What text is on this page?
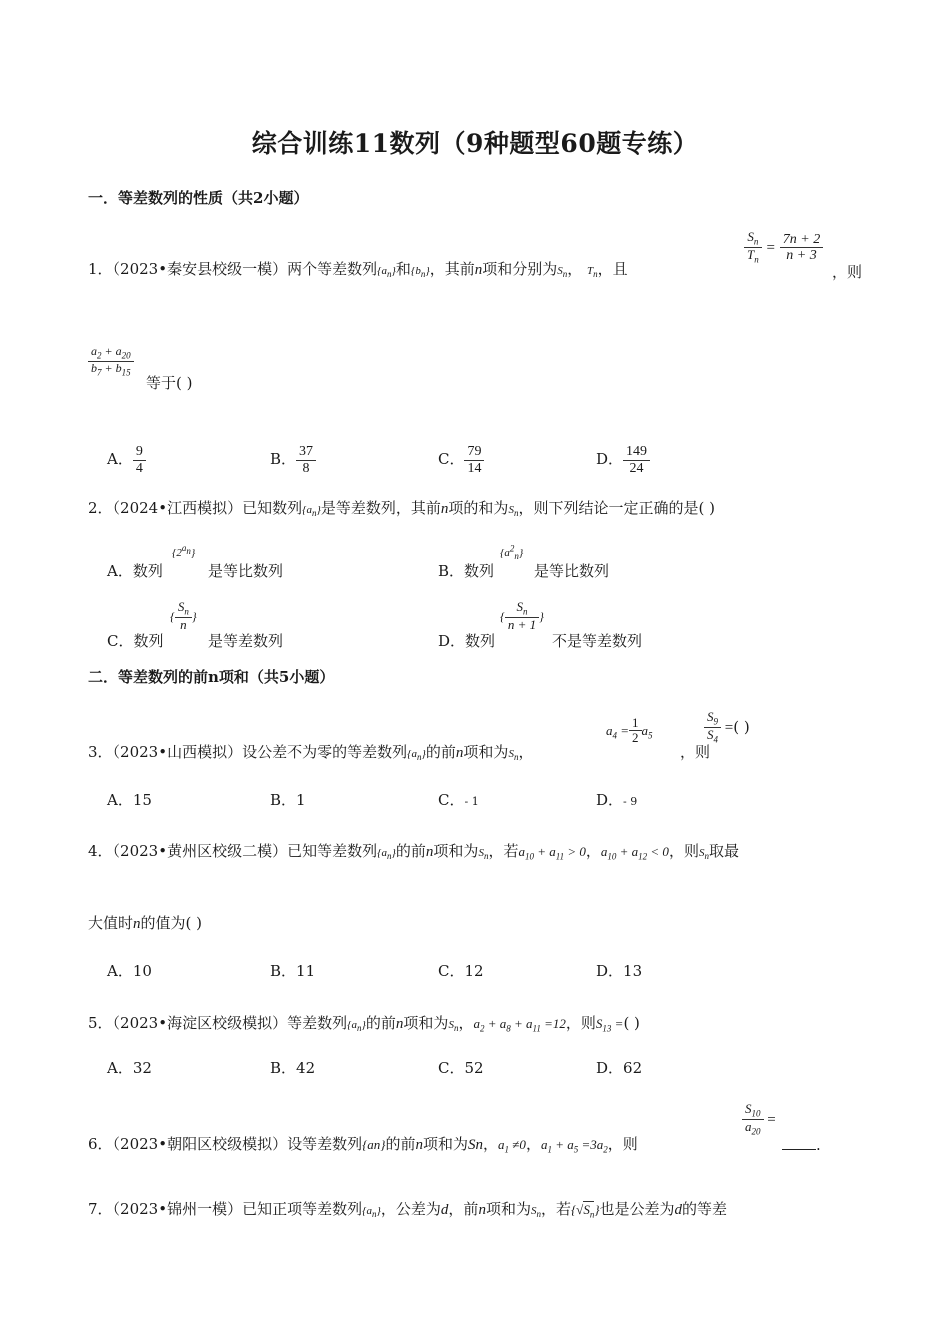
综合训练11数列（9种题型60题专练）
一．等差数列的性质（共2小题）
1．（2023•秦安县校级一模）两个等差数列$\{a_n\}$和$\{b_n\}$，其前n项和分别为$S_n$， $T_n$，且
$\frac{S_n}{T_n} = \frac{7n + 2}{n + 3}$
，则
$\frac{a_2 + a_{20}}{b_7 + b_{15}}$
等于( )
A． $\frac{9}{4}$	B． $\frac{37}{8}$	C． $\frac{79}{14}$	D． $\frac{149}{24}$
2．（2024•江西模拟）已知数列$\{a_n\}$是等差数列，其前n项的和为$S_n$，则下列结论一定正确的是( )
A．数列
$\{2^{a_n}\}$
是等比数列	B．数列
$\{a^2_n\}$
是等比数列
C．数列
{ $\frac{S_n}{n}$ }
是等差数列	D．数列
{ $\frac{S_n}{n + 1}$ }
不是等差数列
二．等差数列的前n项和（共5小题）
3．（2023•山西模拟）设公差不为零的等差数列$\{a_n\}$的前n项和为$S_n$，
$a_4 = \frac{1}{2} a_5$
，则
$\frac{S_9}{S_4}$ =( )
A．15	B．1	C．- 1	D．- 9
4．（2023•黄州区校级二模）已知等差数列$\{a_n\}$的前n项和为$S_n$，若$a_{10} + a_{11} > 0$，$a_{10} + a_{12} < 0$，则$S_n$取最
大值时n的值为( )
A．10	B．11	C．12	D．13
5．（2023•海淀区校级模拟）等差数列$\{a_n\}$的前n项和为$S_n$，$a_2 + a_8 + a_{11} =12$，则$S_{13}$ =( )
A．32	B．42	C．52	D．62
6．（2023•朝阳区校级模拟）设等差数列{an}的前n项和为Sn，$a_1 \ne 0$，$a_1 + a_5 =3a_2$，则
$\frac{S_{10}}{a_{20}}$ =
.
7．（2023•锦州一模）已知正项等差数列$\{a_n\}$，公差为d，前n项和为$S_n$，若$\{√S_n\}$也是公差为d的等差
